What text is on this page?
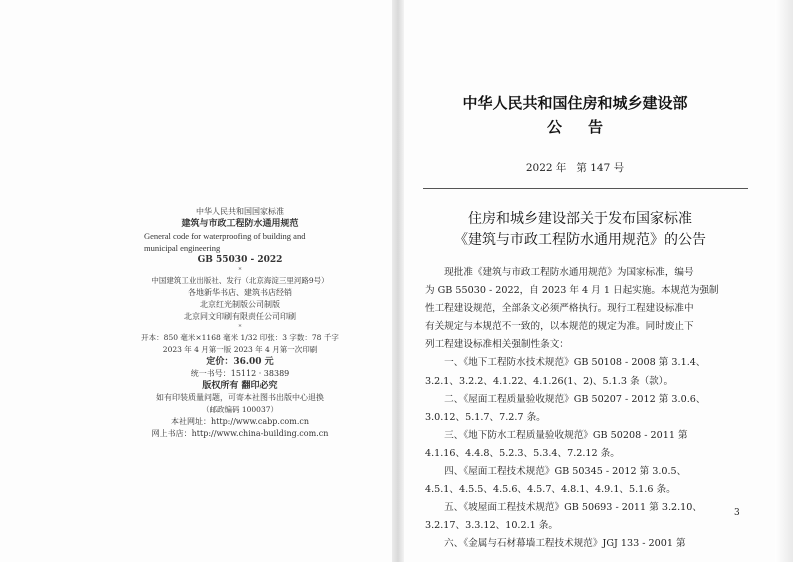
中华人民共和国国家标准
建筑与市政工程防水通用规范
General code for waterproofing of building and
municipal engineering
GB 55030 - 2022
*
中国建筑工业出版社、发行（北京海淀三里河路9号）
各地新华书店、建筑书店经销
北京红光制版公司制版
北京同文印刷有限责任公司印刷
*
开本：850 毫米×1168 毫米 1/32 印张：3 字数：78 千字
2023 年 4 月第一版 2023 年 4 月第一次印刷
定价：36.00 元
统一书号：15112 · 38389
版权所有 翻印必究
如有印装质量问题，可寄本社图书出版中心退换
（邮政编码 100037）
本社网址：http://www.cabp.com.cn
网上书店：http://www.china-building.com.cn
中华人民共和国住房和城乡建设部
公     告
2022 年   第 147 号
住房和城乡建设部关于发布国家标准
《建筑与市政工程防水通用规范》的公告

　　现批准《建筑与市政工程防水通用规范》为国家标准，编号

为 GB 55030 - 2022，自 2023 年 4 月 1 日起实施。本规范为强制

性工程建设规范，全部条文必须严格执行。现行工程建设标准中

有关规定与本规范不一致的，以本规范的规定为准。同时废止下

列工程建设标准相关强制性条文：

　　一、《地下工程防水技术规范》GB 50108 - 2008 第 3.1.4、

3.2.1、3.2.2、4.1.22、4.1.26(1、2)、5.1.3 条（款）。

　　二、《屋面工程质量验收规范》GB 50207 - 2012 第 3.0.6、

3.0.12、5.1.7、7.2.7 条。

　　三、《地下防水工程质量验收规范》GB 50208 - 2011 第

4.1.16、4.4.8、5.2.3、5.3.4、7.2.12 条。

　　四、《屋面工程技术规范》GB 50345 - 2012 第 3.0.5、

4.5.1、4.5.5、4.5.6、4.5.7、4.8.1、4.9.1、5.1.6 条。

　　五、《坡屋面工程技术规范》GB 50693 - 2011 第 3.2.10、

3.2.17、3.3.12、10.2.1 条。

　　六、《金属与石材幕墙工程技术规范》JGJ 133 - 2001 第

3
